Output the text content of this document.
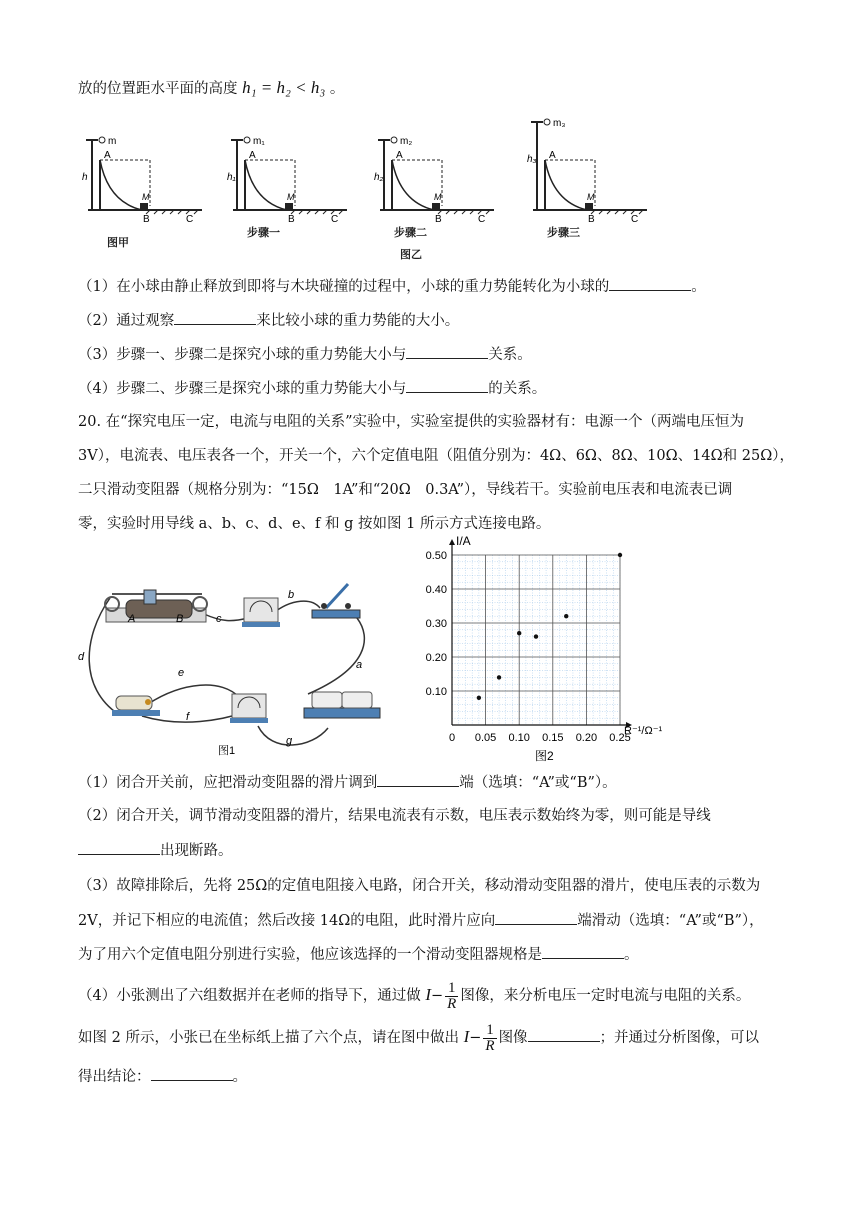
放的位置距水平面的高度 h₁ = h₂ < h₃ 。
m
h
A
M
B	C
m₁
h₁
A
M
B	C
m₂
h₂
A
M
B	C
m₃
h₃ A
M
B	C
图甲
步骤一	步骤二	步骤三
图乙
（1）在小球由静止释放到即将与木块碰撞的过程中，小球的重力势能转化为小球的	。
（2）通过观察	来比较小球的重力势能的大小。
（3）步骤一、步骤二是探究小球的重力势能大小与	关系。
（4）步骤二、步骤三是探究小球的重力势能大小与	的关系。
20. 在“探究电压一定，电流与电阻的关系”实验中，实验室提供的实验器材有：电源一个（两端电压恒为
3V），电流表、电压表各一个，开关一个，六个定值电阻（阻值分别为：4Ω、6Ω、8Ω、10Ω、14Ω和 25Ω），
二只滑动变阻器（规格分别为：“15Ω　1A”和“20Ω　0.3A”），导线若干。实验前电压表和电流表已调
零，实验时用导线 a、b、c、d、e、f 和 g 按如图 1 所示方式连接电路。
A	B
b
c
d
e
f
a
g
图1
0 0.05 0.10 0.15 0.20 0.25
0.10
0.20
0.30
0.40
0.50
I/A
R⁻¹/Ω⁻¹
图2
（1）闭合开关前，应把滑动变阻器的滑片调到	端（选填：“A”或“B”）。
（2）闭合开关，调节滑动变阻器的滑片，结果电流表有示数，电压表示数始终为零，则可能是导线
出现断路。
（3）故障排除后，先将 25Ω的定值电阻接入电路，闭合开关，移动滑动变阻器的滑片，使电压表的示数为
2V，并记下相应的电流值；然后改接 14Ω的电阻，此时滑片应向	端滑动（选填：“A”或“B”），
为了用六个定值电阻分别进行实验，他应该选择的一个滑动变阻器规格是	。
（4）小张测出了六组数据并在老师的指导下，通过做 $I- \frac{1}{R}$ 图像，来分析电压一定时电流与电阻的关系。
如图 2 所示，小张已在坐标纸上描了六个点，请在图中做出 $I- \frac{1}{R}$ 图像	；并通过分析图像，可以
得出结论：	。
